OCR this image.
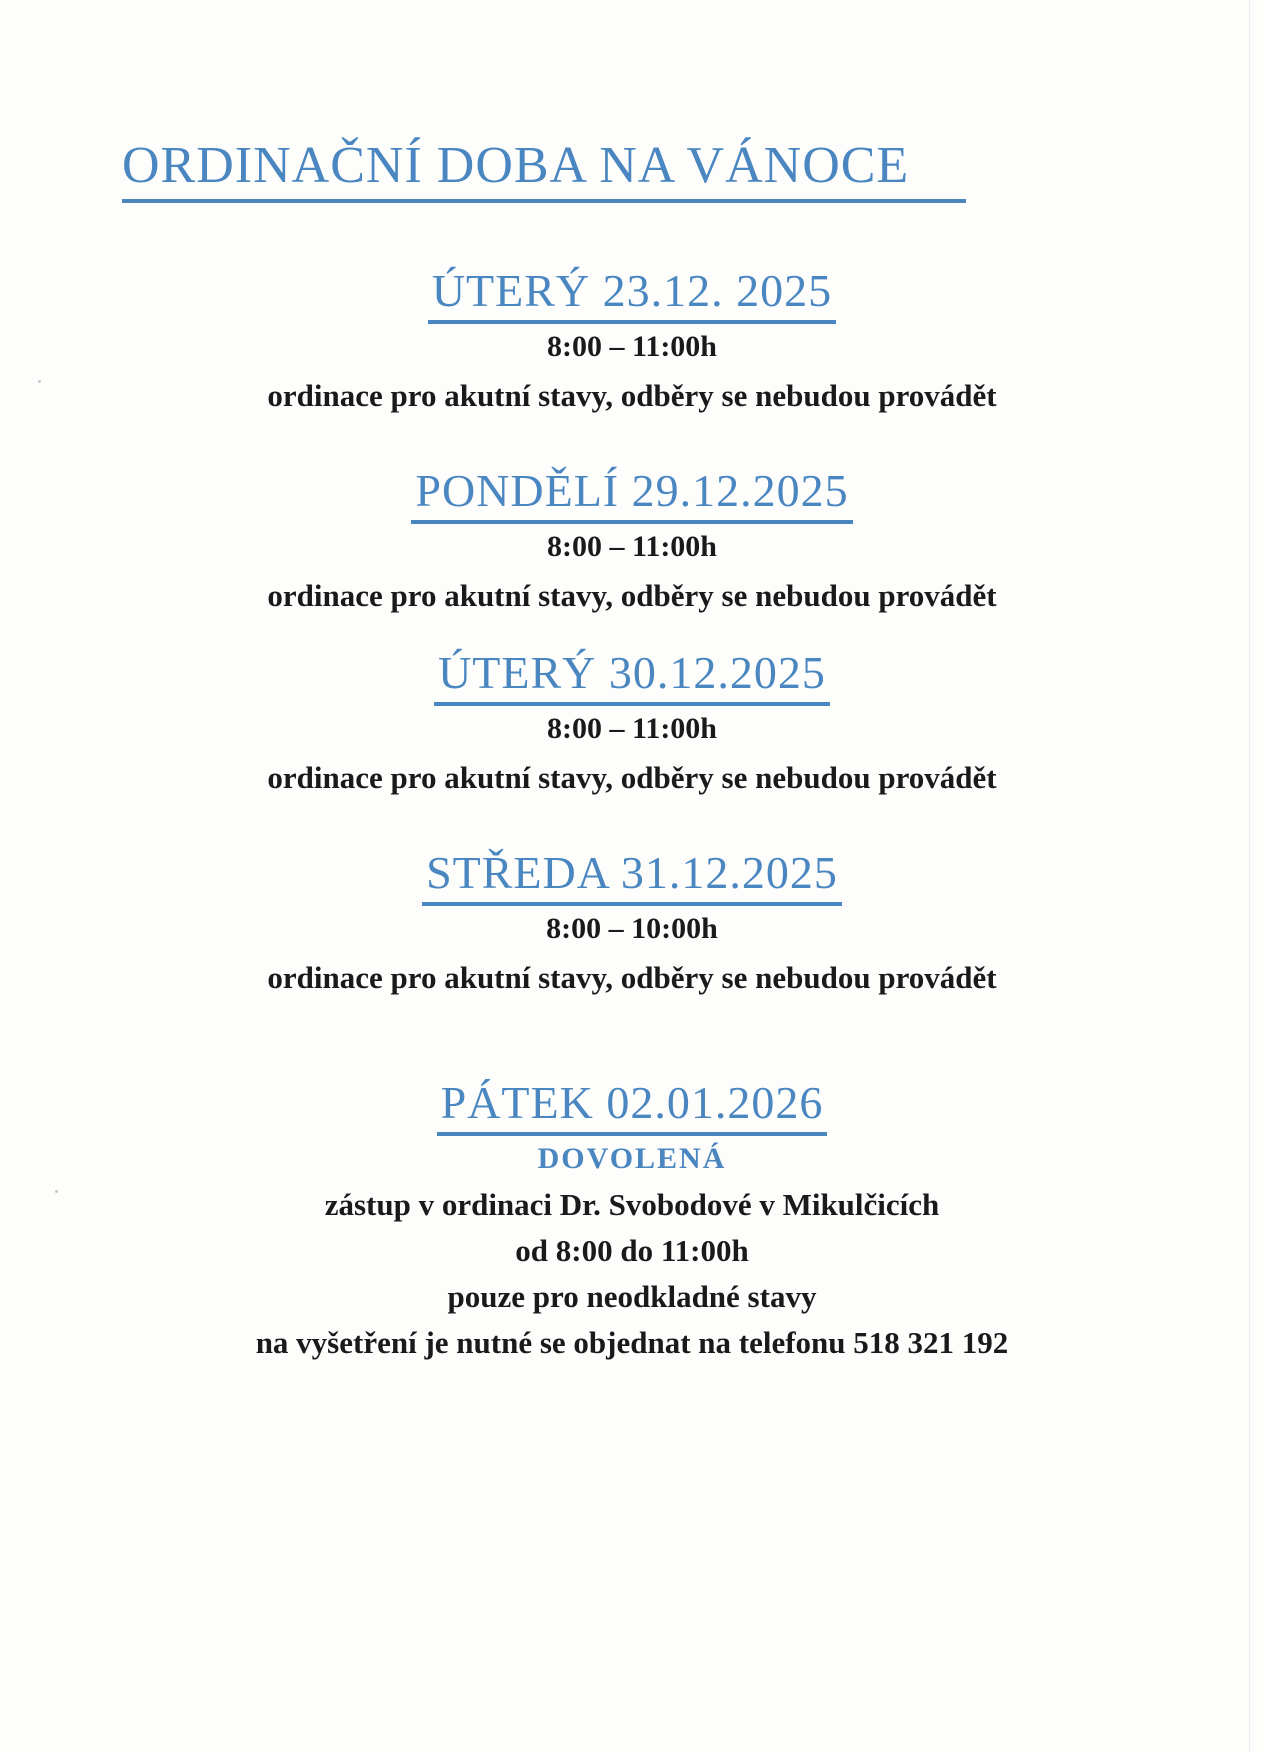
ORDINAČNÍ DOBA NA VÁNOCE
ÚTERÝ 23.12. 2025
8:00 – 11:00h
ordinace pro akutní stavy, odběry se nebudou provádět
PONDĚLÍ 29.12.2025
8:00 – 11:00h
ordinace pro akutní stavy, odběry se nebudou provádět
ÚTERÝ 30.12.2025
8:00 – 11:00h
ordinace pro akutní stavy, odběry se nebudou provádět
STŘEDA 31.12.2025
8:00 – 10:00h
ordinace pro akutní stavy, odběry se nebudou provádět
PÁTEK 02.01.2026
DOVOLENÁ
zástup v ordinaci Dr. Svobodové v Mikulčicích
od 8:00 do 11:00h
pouze pro neodkladné stavy
na vyšetření je nutné se objednat na telefonu 518 321 192
